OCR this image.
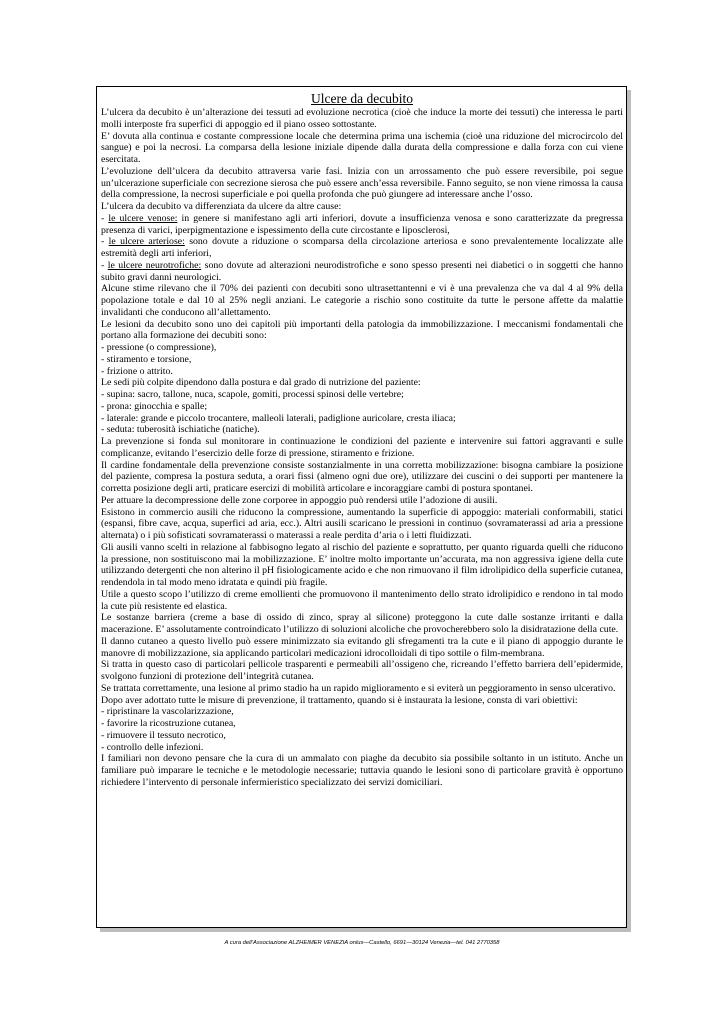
Ulcere da decubito

L’ulcera da decubito è un’alterazione dei tessuti ad evoluzione necrotica (cioè che induce la morte dei tessuti) che interessa le parti molli interposte fra superfici di appoggio ed il piano osseo sottostante.

E’ dovuta alla continua e costante compressione locale che determina prima una ischemia (cioè una riduzione del microcircolo del sangue) e poi la necrosi. La comparsa della lesione iniziale dipende dalla durata della compressione e dalla forza con cui viene esercitata.

L’evoluzione dell’ulcera da decubito attraversa varie fasi. Inizia con un arrossamento che può essere reversibile, poi segue un’ulcerazione superficiale con secrezione sierosa che può essere anch’essa reversibile. Fanno seguito, se non viene rimossa la causa della compressione, la necrosi superficiale e poi quella profonda che può giungere ad interessare anche l’osso.

L’ulcera da decubito va differenziata da ulcere da altre cause:

- le ulcere venose: in genere si manifestano agli arti inferiori, dovute a insufficienza venosa e sono caratterizzate da pregressa presenza di varici, iperpigmentazione e ispessimento della cute circostante e liposclerosi,

- le ulcere arteriose: sono dovute a riduzione o scomparsa della circolazione arteriosa e sono prevalentemente localizzate alle estremità degli arti inferiori,

- le ulcere neurotrofiche: sono dovute ad alterazioni neurodistrofiche e sono spesso presenti nei diabetici o in soggetti che hanno subito gravi danni neurologici.

Alcune stime rilevano che il 70% dei pazienti con decubiti sono ultrasettantenni e vi è una prevalenza che va dal 4 al 9% della popolazione totale e dal 10 al 25% negli anziani. Le categorie a rischio sono costituite da tutte le persone affette da malattie invalidanti che conducono all’allettamento.

Le lesioni da decubito sono uno dei capitoli più importanti della patologia da immobilizzazione. I meccanismi fondamentali che portano alla formazione dei decubiti sono:

- pressione (o compressione),

- stiramento e torsione,

- frizione o attrito.

Le sedi più colpite dipendono dalla postura e dal grado di nutrizione del paziente:

- supina: sacro, tallone, nuca, scapole, gomiti, processi spinosi delle vertebre;

- prona: ginocchia e spalle;

- laterale: grande e piccolo trocantere, malleoli laterali, padiglione auricolare, cresta iliaca;

- seduta: tuberosità ischiatiche (natiche).

La prevenzione si fonda sul monitorare in continuazione le condizioni del paziente e intervenire sui fattori aggravanti e sulle complicanze, evitando l’esercizio delle forze di pressione, stiramento e frizione.

Il cardine fondamentale della prevenzione consiste sostanzialmente in una corretta mobilizzazione: bisogna cambiare la posizione del paziente, compresa la postura seduta, a orari fissi (almeno ogni due ore), utilizzare dei cuscini o dei supporti per mantenere la corretta posizione degli arti, praticare esercizi di mobilità articolare e incoraggiare cambi di postura spontanei.

Per attuare la decompressione delle zone corporee in appoggio può rendersi utile l’adozione di ausili.

Esistono in commercio ausili che riducono la compressione, aumentando la superficie di appoggio: materiali conformabili, statici (espansi, fibre cave, acqua, superfici ad aria, ecc.). Altri ausili scaricano le pressioni in continuo (sovramaterassi ad aria a pressione alternata) o i più sofisticati sovramaterassi o materassi a reale perdita d’aria o i letti fluidizzati.

Gli ausili vanno scelti in relazione al fabbisogno legato al rischio del paziente e soprattutto, per quanto riguarda quelli che riducono la pressione, non sostituiscono mai la mobilizzazione. E’ inoltre molto importante un’accurata, ma non aggressiva igiene della cute utilizzando detergenti che non alterino il pH fisiologicamente acido e che non rimuovano il film idrolipidico della superficie cutanea, rendendola in tal modo meno idratata e quindi più fragile.

Utile a questo scopo l’utilizzo di creme emollienti che promuovono il mantenimento dello strato idrolipidico e rendono in tal modo la cute più resistente ed elastica.

Le sostanze barriera (creme a base di ossido di zinco, spray al silicone) proteggono la cute dalle sostanze irritanti e dalla macerazione. E’ assolutamente controindicato l’utilizzo di soluzioni alcoliche che provocherebbero solo la disidratazione della cute.

Il danno cutaneo a questo livello può essere minimizzato sia evitando gli sfregamenti tra la cute e il piano di appoggio durante le manovre di mobilizzazione, sia applicando particolari medicazioni idrocolloidali di tipo sottile o film-membrana.

Si tratta in questo caso di particolari pellicole trasparenti e permeabili all’ossigeno che, ricreando l’effetto barriera dell’epidermide, svolgono funzioni di protezione dell’integrità cutanea.

Se trattata correttamente, una lesione al primo stadio ha un rapido miglioramento e si eviterà un peggioramento in senso ulcerativo.

Dopo aver adottato tutte le misure di prevenzione, il trattamento, quando si è instaurata la lesione, consta di vari obiettivi:

- ripristinare la vascolarizzazione,

- favorire la ricostruzione cutanea,

- rimuovere il tessuto necrotico,

- controllo delle infezioni.

I familiari non devono pensare che la cura di un ammalato con piaghe da decubito sia possibile soltanto in un istituto. Anche un familiare può imparare le tecniche e le metodologie necessarie; tuttavia quando le lesioni sono di particolare gravità è opportuno richiedere l’intervento di personale infermieristico specializzato dei servizi domiciliari.

A cura dell’Associazione ALZHEIMER VENEZIA onlus—Castello, 6691—30124 Venezia—tel. 041 2770358
